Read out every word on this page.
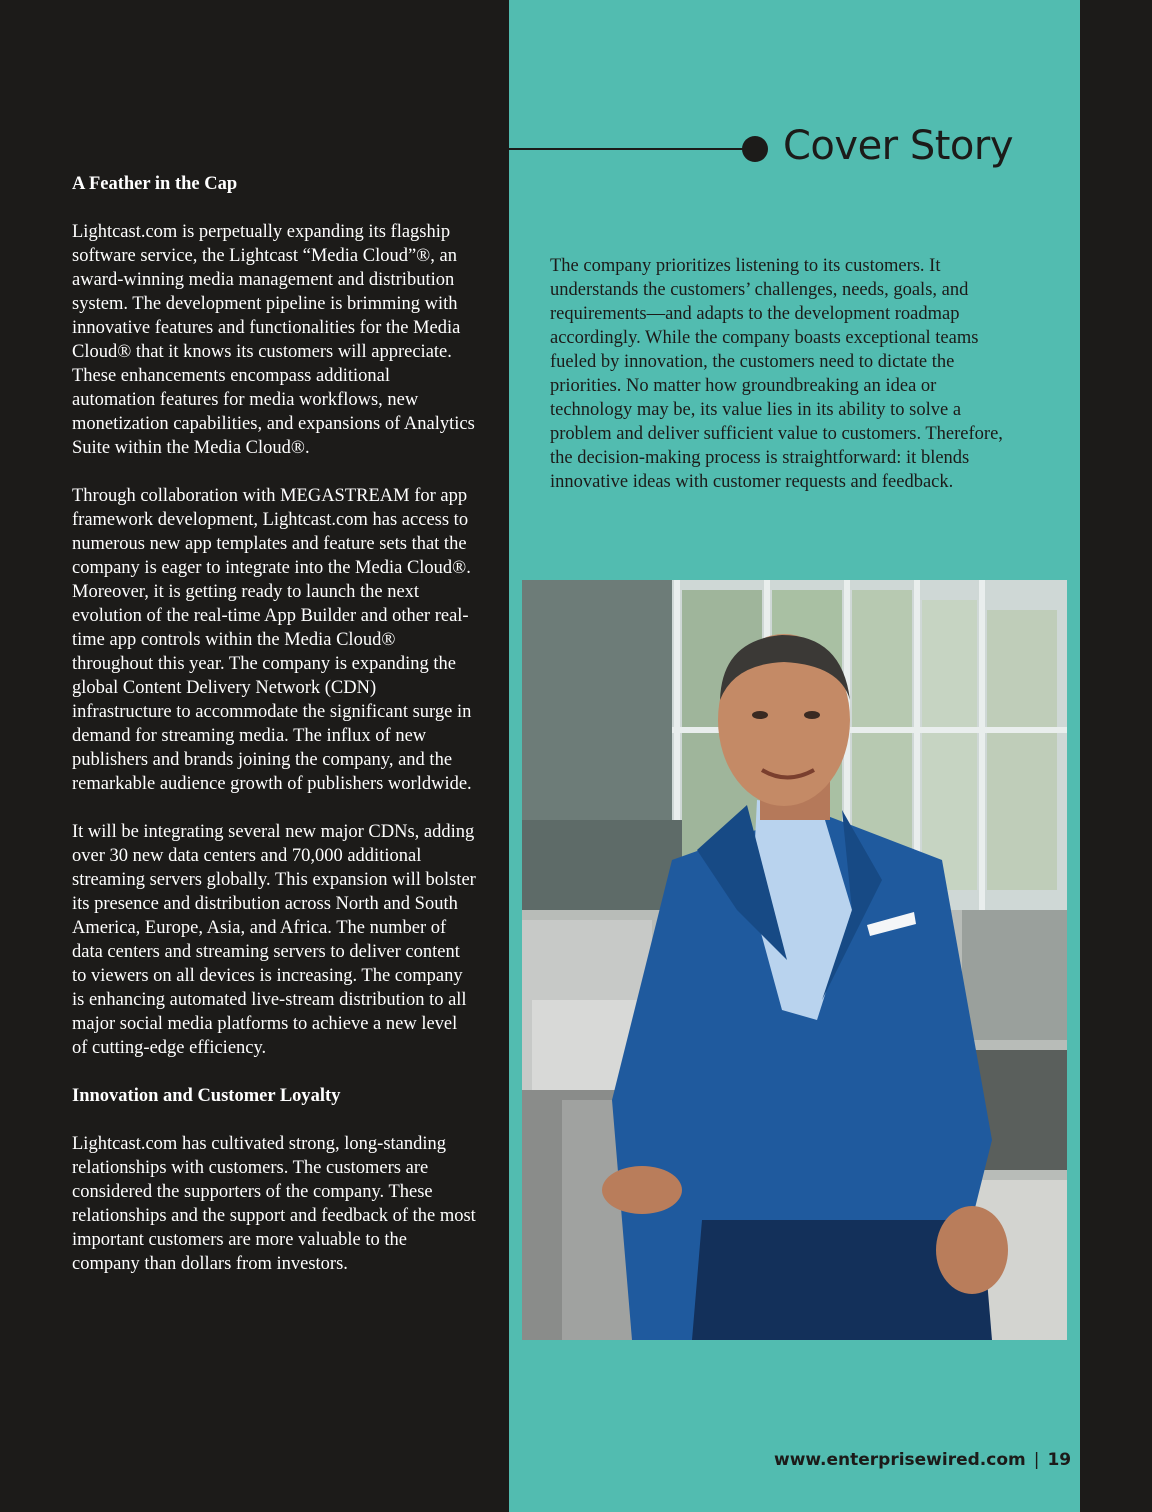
A Feather in the Cap

Lightcast.com is perpetually expanding its flagship software service, the Lightcast “Media Cloud”®, an award-winning media management and distribution system. The development pipeline is brimming with innovative features and functionalities for the Media Cloud® that it knows its customers will appreciate. These enhancements encompass additional automation features for media workflows, new monetization capabilities, and expansions of Analytics Suite within the Media Cloud®.

Through collaboration with MEGASTREAM for app framework development, Lightcast.com has access to numerous new app templates and feature sets that the company is eager to integrate into the Media Cloud®. Moreover, it is getting ready to launch the next evolution of the real-time App Builder and other real-time app controls within the Media Cloud® throughout this year. The company is expanding the global Content Delivery Network (CDN) infrastructure to accommodate the significant surge in demand for streaming media. The influx of new publishers and brands joining the company, and the remarkable audience growth of publishers worldwide.

It will be integrating several new major CDNs, adding over 30 new data centers and 70,000 additional streaming servers globally. This expansion will bolster its presence and distribution across North and South America, Europe, Asia, and Africa. The number of data centers and streaming servers to deliver content to viewers on all devices is increasing. The company is enhancing automated live-stream distribution to all major social media platforms to achieve a new level of cutting-edge efficiency.

Innovation and Customer Loyalty

Lightcast.com has cultivated strong, long-standing relationships with customers. The customers are considered the supporters of the company. These relationships and the support and feedback of the most important customers are more valuable to the company than dollars from investors.

Cover Story
The company prioritizes listening to its customers. It understands the customers’ challenges, needs, goals, and requirements—and adapts to the development roadmap accordingly. While the company boasts exceptional teams fueled by innovation, the customers need to dictate the priorities. No matter how groundbreaking an idea or technology may be, its value lies in its ability to solve a problem and deliver sufficient value to customers. Therefore, the decision-making process is straightforward: it blends innovative ideas with customer requests and feedback.
www.enterprisewired.com | 19
